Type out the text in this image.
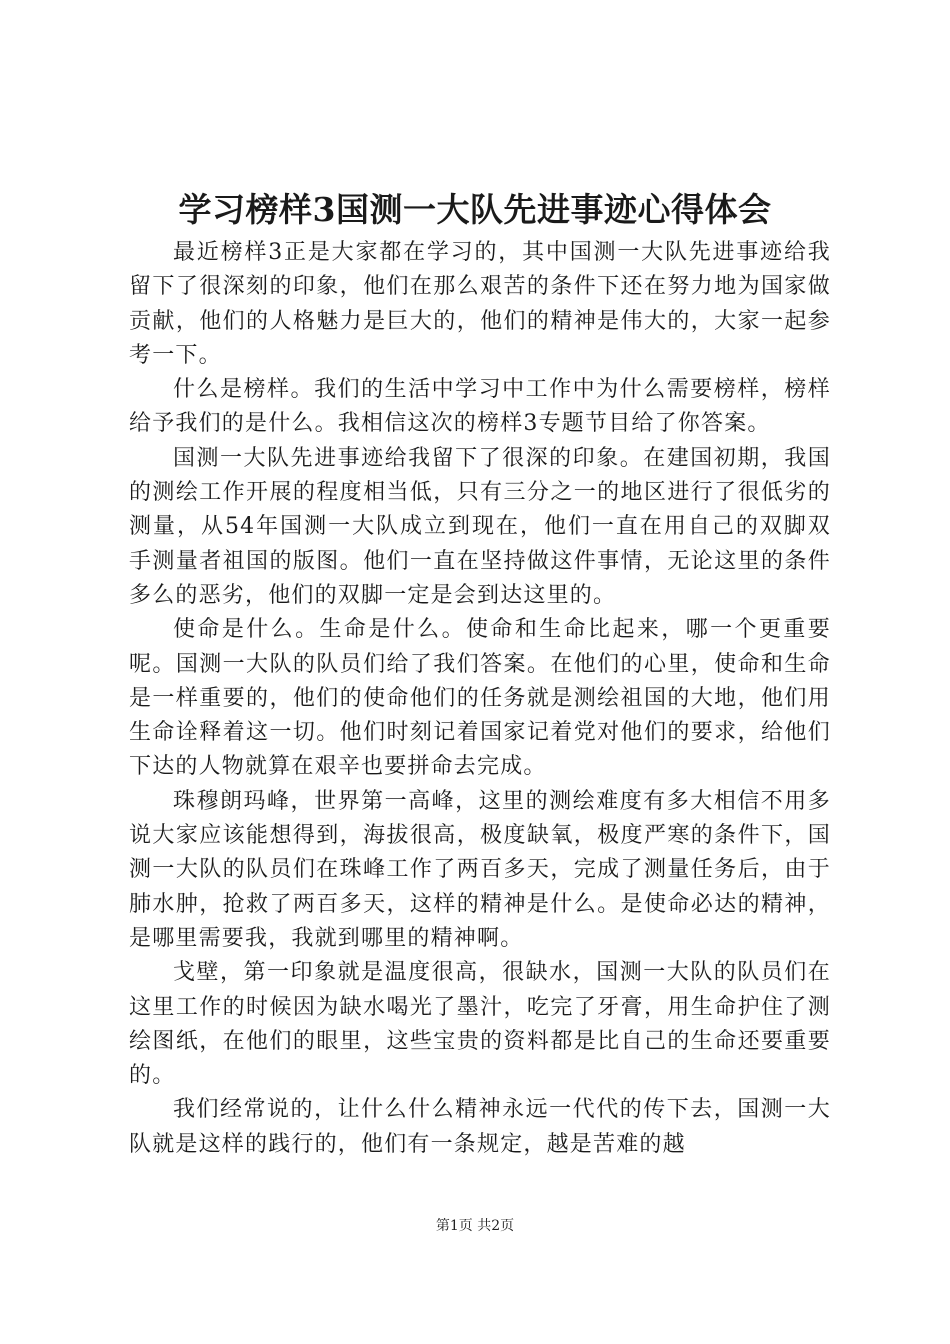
学习榜样3国测一大队先进事迹心得体会

最近榜样3正是大家都在学习的，其中国测一大队先进事迹给我留下了很深刻的印象，他们在那么艰苦的条件下还在努力地为国家做贡献，他们的人格魅力是巨大的，他们的精神是伟大的，大家一起参考一下。

什么是榜样。我们的生活中学习中工作中为什么需要榜样，榜样给予我们的是什么。我相信这次的榜样3专题节目给了你答案。

国测一大队先进事迹给我留下了很深的印象。在建国初期，我国的测绘工作开展的程度相当低，只有三分之一的地区进行了很低劣的测量，从54年国测一大队成立到现在，他们一直在用自己的双脚双手测量者祖国的版图。他们一直在坚持做这件事情，无论这里的条件多么的恶劣，他们的双脚一定是会到达这里的。

使命是什么。生命是什么。使命和生命比起来，哪一个更重要呢。国测一大队的队员们给了我们答案。在他们的心里，使命和生命是一样重要的，他们的使命他们的任务就是测绘祖国的大地，他们用生命诠释着这一切。他们时刻记着国家记着党对他们的要求，给他们下达的人物就算在艰辛也要拼命去完成。

珠穆朗玛峰，世界第一高峰，这里的测绘难度有多大相信不用多说大家应该能想得到，海拔很高，极度缺氧，极度严寒的条件下，国测一大队的队员们在珠峰工作了两百多天，完成了测量任务后，由于肺水肿，抢救了两百多天，这样的精神是什么。是使命必达的精神，是哪里需要我，我就到哪里的精神啊。

戈壁，第一印象就是温度很高，很缺水，国测一大队的队员们在这里工作的时候因为缺水喝光了墨汁，吃完了牙膏，用生命护住了测绘图纸，在他们的眼里，这些宝贵的资料都是比自己的生命还要重要的。

我们经常说的，让什么什么精神永远一代代的传下去，国测一大队就是这样的践行的，他们有一条规定，越是苦难的越

第1页 共2页
